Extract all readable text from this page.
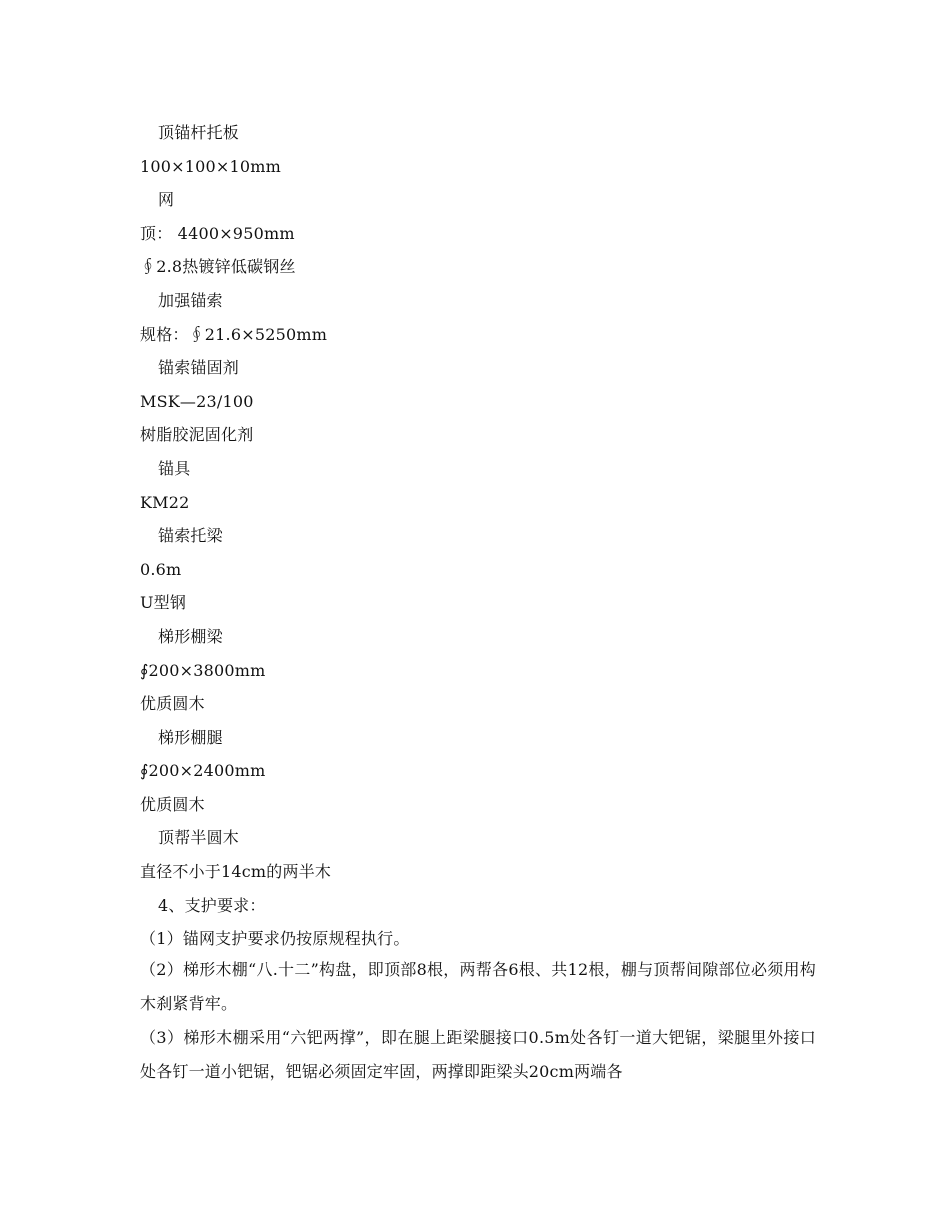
顶锚杆托板
100×100×10mm
网
顶： 4400×950mm
∮2.8热镀锌低碳钢丝
加强锚索
规格：∮21.6×5250mm
锚索锚固剂
MSK—23/100
树脂胶泥固化剂
锚具
KM22
锚索托梁
0.6m
U型钢
梯形棚梁
∮200×3800mm
优质圆木
梯形棚腿
∮200×2400mm
优质圆木
顶帮半圆木
直径不小于14cm的两半木
4、支护要求：
（1）锚网支护要求仍按原规程执行。
（2）梯形木棚“八.十二”构盘，即顶部8根，两帮各6根、共12根，棚与顶帮间隙部位必须用构木刹紧背牢。
（3）梯形木棚采用“六钯两撑”，即在腿上距梁腿接口0.5m处各钉一道大钯锯，梁腿里外接口处各钉一道小钯锯，钯锯必须固定牢固，两撑即距梁头20cm两端各
